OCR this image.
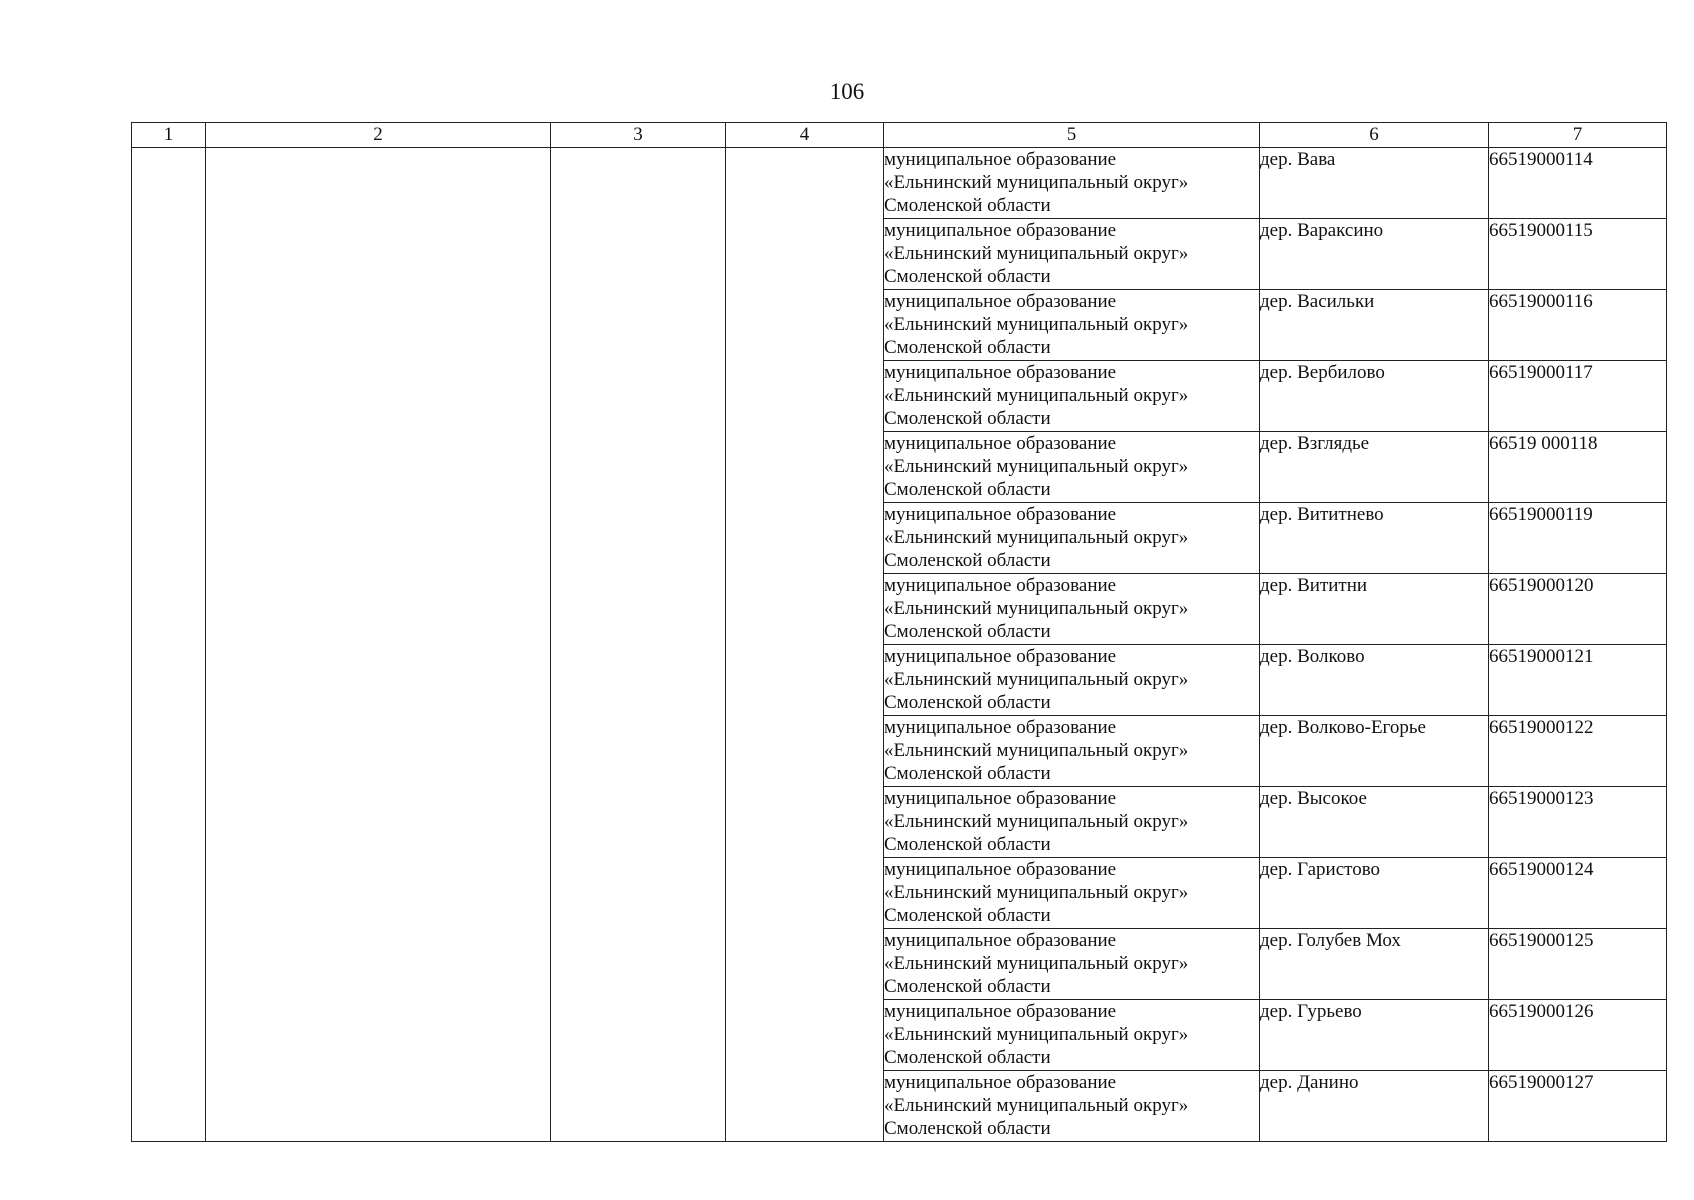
106
1	2	3	4	5	6	7

				муниципальное образование
«Ельнинский муниципальный округ»
Смоленской области	дер. Вава	66519000114

				муниципальное образование
«Ельнинский муниципальный округ»
Смоленской области	дер. Вараксино	66519000115

				муниципальное образование
«Ельнинский муниципальный округ»
Смоленской области	дер. Васильки	66519000116

				муниципальное образование
«Ельнинский муниципальный округ»
Смоленской области	дер. Вербилово	66519000117

				муниципальное образование
«Ельнинский муниципальный округ»
Смоленской области	дер. Взглядье	66519 000118

				муниципальное образование
«Ельнинский муниципальный округ»
Смоленской области	дер. Вититнево	66519000119

				муниципальное образование
«Ельнинский муниципальный округ»
Смоленской области	дер. Вититни	66519000120

				муниципальное образование
«Ельнинский муниципальный округ»
Смоленской области	дер. Волково	66519000121

				муниципальное образование
«Ельнинский муниципальный округ»
Смоленской области	дер. Волково-Егорье	66519000122

				муниципальное образование
«Ельнинский муниципальный округ»
Смоленской области	дер. Высокое	66519000123

				муниципальное образование
«Ельнинский муниципальный округ»
Смоленской области	дер. Гаристово	66519000124

				муниципальное образование
«Ельнинский муниципальный округ»
Смоленской области	дер. Голубев Мох	66519000125

				муниципальное образование
«Ельнинский муниципальный округ»
Смоленской области	дер. Гурьево	66519000126

				муниципальное образование
«Ельнинский муниципальный округ»
Смоленской области	дер. Данино	66519000127
